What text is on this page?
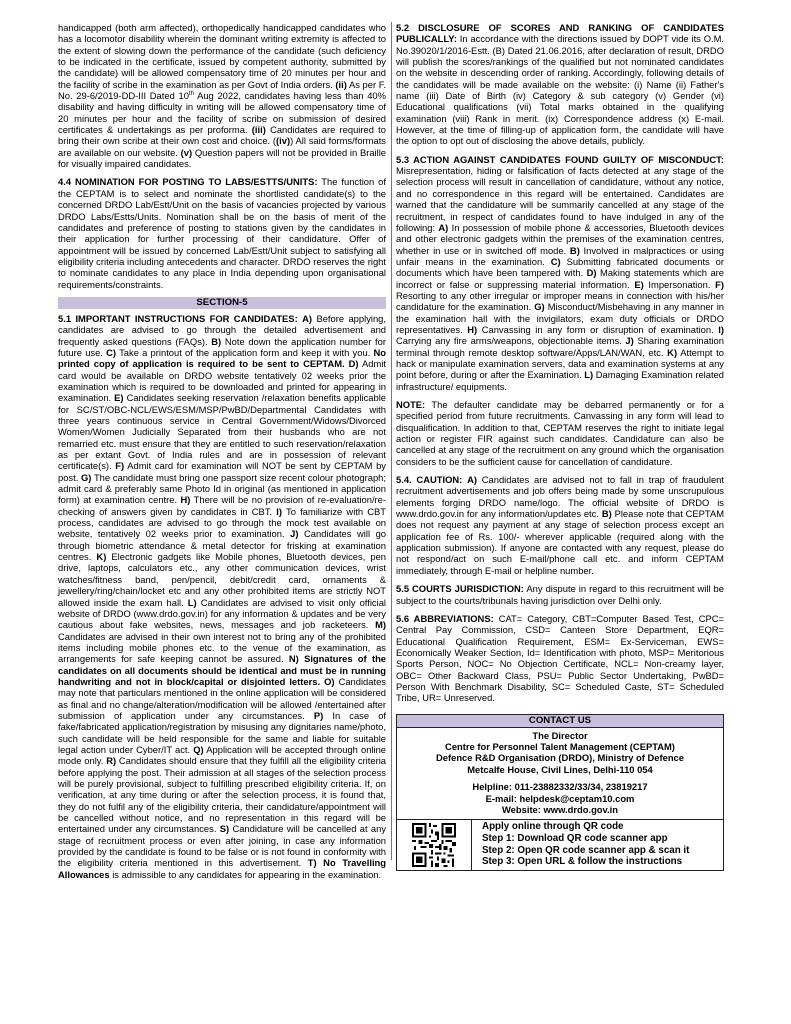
handicapped (both arm affected), orthopedically handicapped candidates who has a locomotor disability wherein the dominant writing extremity is affected to the extent of slowing down the performance of the candidate (such deficiency to be indicated in the certificate, issued by competent authority, submitted by the candidate) will be allowed compensatory time of 20 minutes per hour and the facility of scribe in the examination as per Govt of India orders. (ii) As per F. No. 29-6/2019-DD-III Dated 10th Aug 2022, candidates having less than 40% disability and having difficulty in writing will be allowed compensatory time of 20 minutes per hour and the facility of scribe on submission of desired certificates & undertakings as per proforma. (iii) Candidates are required to bring their own scribe at their own cost and choice. ((iv)) All said forms/formats are available on our website. (v) Question papers will not be provided in Braille for visually impaired candidates.

4.4 NOMINATION FOR POSTING TO LABS/ESTTS/UNITS: The function of the CEPTAM is to select and nominate the shortlisted candidate(s) to the concerned DRDO Lab/Estt/Unit on the basis of vacancies projected by various DRDO Labs/Estts/Units. Nomination shall be on the basis of merit of the candidates and preference of posting to stations given by the candidates in their application for further processing of their candidature. Offer of appointment will be issued by concerned Lab/Estt/Unit subject to satisfying all eligibility criteria including antecedents and character. DRDO reserves the right to nominate candidates to any place in India depending upon organisational requirements/constraints.

SECTION-5

5.1 IMPORTANT INSTRUCTIONS FOR CANDIDATES: A) Before applying, candidates are advised to go through the detailed advertisement and frequently asked questions (FAQs). B) Note down the application number for future use. C) Take a printout of the application form and keep it with you. No printed copy of application is required to be sent to CEPTAM. D) Admit card would be available on DRDO website tentatively 02 weeks prior the examination which is required to be downloaded and printed for appearing in examination. E) Candidates seeking reservation /relaxation benefits applicable for SC/ST/OBC-NCL/EWS/ESM/MSP/PwBD/Departmental Candidates with three years continuous service in Central Government/Widows/Divorced Women/Women Judicially Separated from their husbands who are not remarried etc. must ensure that they are entitled to such reservation/relaxation as per extant Govt. of India rules and are in possession of relevant certificate(s). F) Admit card for examination will NOT be sent by CEPTAM by post. G) The candidate must bring one passport size recent colour photograph; admit card & preferably same Photo Id in original (as mentioned in application form) at examination centre. H) There will be no provision of re-evaluation/re-checking of answers given by candidates in CBT. I) To familiarize with CBT process, candidates are advised to go through the mock test available on website, tentatively 02 weeks prior to examination. J) Candidates will go through biometric attendance & metal detector for frisking at examination centres. K) Electronic gadgets like Mobile phones, Bluetooth devices, pen drive, laptops, calculators etc., any other communication devices, wrist watches/fitness band, pen/pencil, debit/credit card, ornaments & jewellery/ring/chain/locket etc and any other prohibited items are strictly NOT allowed inside the exam hall. L) Candidates are advised to visit only official website of DRDO (www.drdo.gov.in) for any information & updates and be very cautious about fake websites, news, messages and job racketeers. M) Candidates are advised in their own interest not to bring any of the prohibited items including mobile phones etc. to the venue of the examination, as arrangements for safe keeping cannot be assured. N) Signatures of the candidates on all documents should be identical and must be in running handwriting and not in block/capital or disjointed letters. O) Candidates may note that particulars mentioned in the online application will be considered as final and no change/alteration/modification will be allowed /entertained after submission of application under any circumstances. P) In case of fake/fabricated application/registration by misusing any dignitaries name/photo, such candidate will be held responsible for the same and liable for suitable legal action under Cyber/IT act. Q) Application will be accepted through online mode only. R) Candidates should ensure that they fulfill all the eligibility criteria before applying the post. Their admission at all stages of the selection process will be purely provisional, subject to fulfilling prescribed eligibility criteria. If, on verification, at any time during or after the selection process, it is found that, they do not fulfil any of the eligibility criteria, their candidature/appointment will be cancelled without notice, and no representation in this regard will be entertained under any circumstances. S) Candidature will be cancelled at any stage of recruitment process or even after joining, in case any information provided by the candidate is found to be false or is not found in conformity with the eligibility criteria mentioned in this advertisement. T) No Travelling Allowances is admissible to any candidates for appearing in the examination.

5.2 DISCLOSURE OF SCORES AND RANKING OF CANDIDATES PUBLICALLY: In accordance with the directions issued by DOPT vide its O.M. No.39020/1/2016-Estt. (B) Dated 21.06.2016, after declaration of result, DRDO will publish the scores/rankings of the qualified but not nominated candidates on the website in descending order of ranking. Accordingly, following details of the candidates will be made available on the website: (i) Name (ii) Father's name (iii) Date of Birth (iv) Category & sub category (v) Gender (vi) Educational qualifications (vii) Total marks obtained in the qualifying examination (viii) Rank in merit. (ix) Correspondence address (x) E-mail. However, at the time of filling-up of application form, the candidate will have the option to opt out of disclosing the above details, publicly.

5.3 ACTION AGAINST CANDIDATES FOUND GUILTY OF MISCONDUCT: Misrepresentation, hiding or falsification of facts detected at any stage of the selection process will result in cancellation of candidature, without any notice, and no correspondence in this regard will be entertained. Candidates are warned that the candidature will be summarily cancelled at any stage of the recruitment, in respect of candidates found to have indulged in any of the following: A) In possession of mobile phone & accessories, Bluetooth devices and other electronic gadgets within the premises of the examination centres, whether in use or in switched off mode. B) Involved in malpractices or using unfair means in the examination. C) Submitting fabricated documents or documents which have been tampered with. D) Making statements which are incorrect or false or suppressing material information. E) Impersonation. F) Resorting to any other irregular or improper means in connection with his/her candidature for the examination. G) Misconduct/Misbehaving in any manner in the examination hall with the invigilators, exam duty officials or DRDO representatives. H) Canvassing in any form or disruption of examination. I) Carrying any fire arms/weapons, objectionable items. J) Sharing examination terminal through remote desktop software/Apps/LAN/WAN, etc. K) Attempt to hack or manipulate examination servers, data and examination systems at any point before, during or after the Examination. L) Damaging Examination related infrastructure/ equipments.

NOTE: The defaulter candidate may be debarred permanently or for a specified period from future recruitments. Canvassing in any form will lead to disqualification. In addition to that, CEPTAM reserves the right to initiate legal action or register FIR against such candidates. Candidature can also be cancelled at any stage of the recruitment on any ground which the organisation considers to be the sufficient cause for cancellation of candidature.

5.4. CAUTION: A) Candidates are advised not to fall in trap of fraudulent recruitment advertisements and job offers being made by some unscrupulous elements forging DRDO name/logo. The official website of DRDO is www.drdo.gov.in for any information/updates etc. B) Please note that CEPTAM does not request any payment at any stage of selection process except an application fee of Rs. 100/- wherever applicable (required along with the application submission). If anyone are contacted with any request, please do not respond/act on such E-mail/phone call etc. and inform CEPTAM immediately, through E-mail or helpline number.

5.5 COURTS JURISDICTION: Any dispute in regard to this recruitment will be subject to the courts/tribunals having jurisdiction over Delhi only.

5.6 ABBREVIATIONS: CAT= Category, CBT=Computer Based Test, CPC= Central Pay Commission, CSD= Canteen Store Department, EQR= Educational Qualification Requirement, ESM= Ex-Serviceman, EWS= Economically Weaker Section, Id= Identification with photo, MSP= Meritorious Sports Person, NOC= No Objection Certificate, NCL= Non-creamy layer, OBC= Other Backward Class, PSU= Public Sector Undertaking, PwBD= Person With Benchmark Disability, SC= Scheduled Caste, ST= Scheduled Tribe, UR= Unreserved.

CONTACT US
The Director
Centre for Personnel Talent Management (CEPTAM)
Defence R&D Organisation (DRDO), Ministry of Defence
Metcalfe House, Civil Lines, Delhi-110 054
Helpline: 011-23882332/33/34, 23819217
E-mail: helpdesk@ceptam10.com
Website: www.drdo.gov.in
Apply online through QR code
Step 1: Download QR code scanner app
Step 2: Open QR code scanner app & scan it
Step 3: Open URL & follow the instructions
